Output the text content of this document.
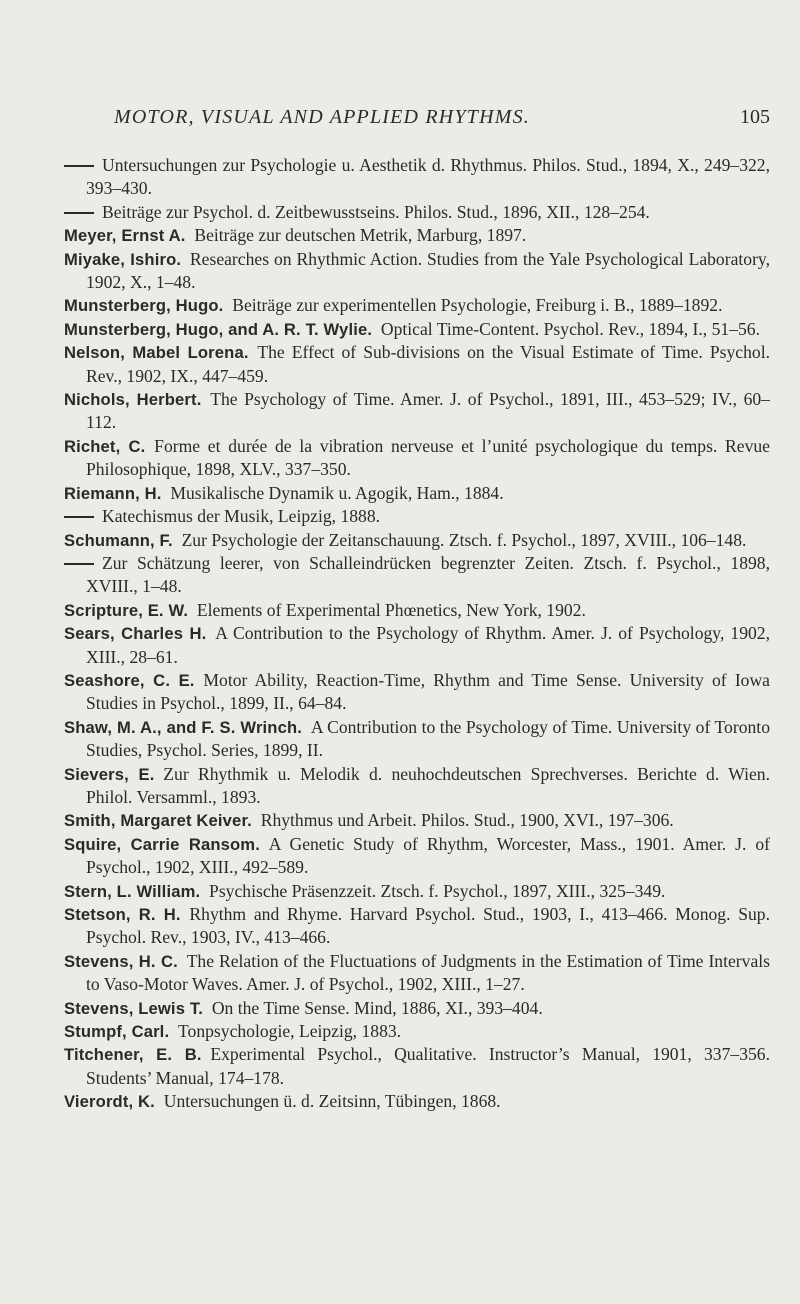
MOTOR, VISUAL AND APPLIED RHYTHMS.	105
Untersuchungen zur Psychologie u. Aesthetik d. Rhythmus. Philos. Stud., 1894, X., 249–322, 393–430.
Beiträge zur Psychol. d. Zeitbewusstseins. Philos. Stud., 1896, XII., 128–254.
Meyer, Ernst A.  Beiträge zur deutschen Metrik, Marburg, 1897.
Miyake, Ishiro.  Researches on Rhythmic Action. Studies from the Yale Psychological Laboratory, 1902, X., 1–48.
Munsterberg, Hugo.  Beiträge zur experimentellen Psychologie, Freiburg i. B., 1889–1892.
Munsterberg, Hugo, and A. R. T. Wylie.  Optical Time-Content. Psychol. Rev., 1894, I., 51–56.
Nelson, Mabel Lorena.  The Effect of Sub-divisions on the Visual Estimate of Time. Psychol. Rev., 1902, IX., 447–459.
Nichols, Herbert.  The Psychology of Time. Amer. J. of Psychol., 1891, III., 453–529; IV., 60–112.
Richet, C.  Forme et durée de la vibration nerveuse et l’unité psychologique du temps. Revue Philosophique, 1898, XLV., 337–350.
Riemann, H.  Musikalische Dynamik u. Agogik, Ham., 1884.
Katechismus der Musik, Leipzig, 1888.
Schumann, F.  Zur Psychologie der Zeitanschauung. Ztsch. f. Psychol., 1897, XVIII., 106–148.
Zur Schätzung leerer, von Schalleindrücken begrenzter Zeiten. Ztsch. f. Psychol., 1898, XVIII., 1–48.
Scripture, E. W.  Elements of Experimental Phœnetics, New York, 1902.
Sears, Charles H.  A Contribution to the Psychology of Rhythm. Amer. J. of Psychology, 1902, XIII., 28–61.
Seashore, C. E.  Motor Ability, Reaction-Time, Rhythm and Time Sense. University of Iowa Studies in Psychol., 1899, II., 64–84.
Shaw, M. A., and F. S. Wrinch.  A Contribution to the Psychology of Time. University of Toronto Studies, Psychol. Series, 1899, II.
Sievers, E.  Zur Rhythmik u. Melodik d. neuhochdeutschen Sprechverses. Berichte d. Wien. Philol. Versamml., 1893.
Smith, Margaret Keiver.  Rhythmus und Arbeit. Philos. Stud., 1900, XVI., 197–306.
Squire, Carrie Ransom.  A Genetic Study of Rhythm, Worcester, Mass., 1901. Amer. J. of Psychol., 1902, XIII., 492–589.
Stern, L. William.  Psychische Präsenzzeit. Ztsch. f. Psychol., 1897, XIII., 325–349.
Stetson, R. H.  Rhythm and Rhyme. Harvard Psychol. Stud., 1903, I., 413–466. Monog. Sup. Psychol. Rev., 1903, IV., 413–466.
Stevens, H. C.  The Relation of the Fluctuations of Judgments in the Estimation of Time Intervals to Vaso-Motor Waves. Amer. J. of Psychol., 1902, XIII., 1–27.
Stevens, Lewis T.  On the Time Sense. Mind, 1886, XI., 393–404.
Stumpf, Carl.  Tonpsychologie, Leipzig, 1883.
Titchener, E. B.  Experimental Psychol., Qualitative. Instructor’s Manual, 1901, 337–356. Students’ Manual, 174–178.
Vierordt, K.  Untersuchungen ü. d. Zeitsinn, Tübingen, 1868.
